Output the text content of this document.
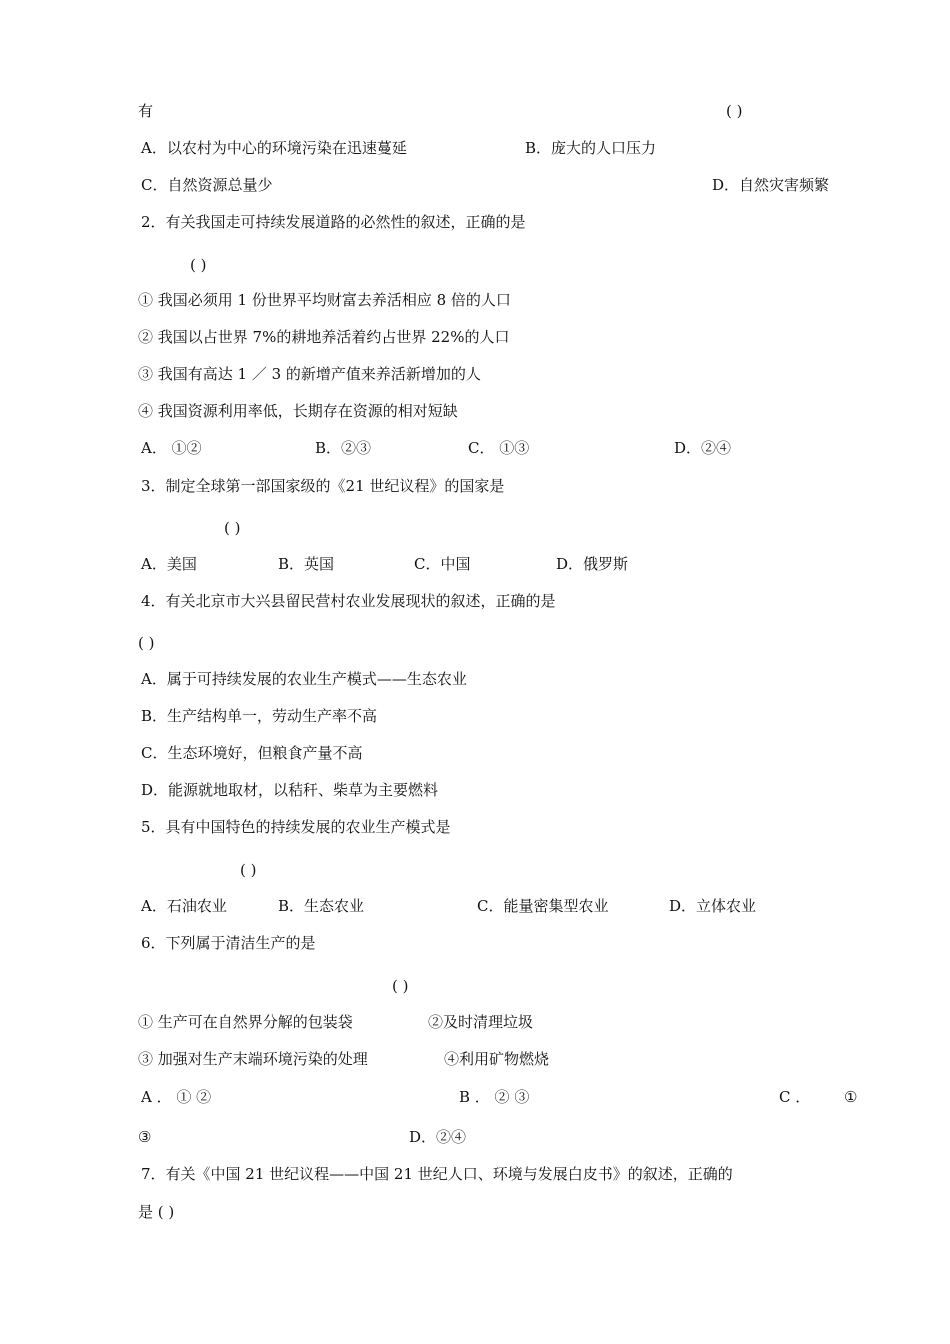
有	( )
A．以农村为中心的环境污染在迅速蔓延	B．庞大的人口压力
C．自然资源总量少	D．自然灾害频繁
2．有关我国走可持续发展道路的必然性的叙述，正确的是
( )
① 我国必须用 1 份世界平均财富去养活相应 8 倍的人口
② 我国以占世界 7%的耕地养活着约占世界 22%的人口
③ 我国有高达 1 ／ 3 的新增产值来养活新增加的人
④ 我国资源利用率低，长期存在资源的相对短缺
A． ①②	B．②③	C． ①③	D．②④
3．制定全球第一部国家级的《21 世纪议程》的国家是
( )
A．美国	B．英国	C．中国	D．俄罗斯
4．有关北京市大兴县留民营村农业发展现状的叙述，正确的是
( )
A．属于可持续发展的农业生产模式——生态农业
B．生产结构单一，劳动生产率不高
C．生态环境好，但粮食产量不高
D．能源就地取材，以秸秆、柴草为主要燃料
5．具有中国特色的持续发展的农业生产模式是
( )
A．石油农业	B．生态农业	C．能量密集型农业	D．立体农业
6．下列属于清洁生产的是
( )
① 生产可在自然界分解的包装袋	②及时清理垃圾
③ 加强对生产末端环境污染的处理	④利用矿物燃烧
A ． ① ②	B ． ② ③	C ． ①
③	D．②④
7．有关《中国 21 世纪议程——中国 21 世纪人口、环境与发展白皮书》的叙述，正确的
是 ( )
